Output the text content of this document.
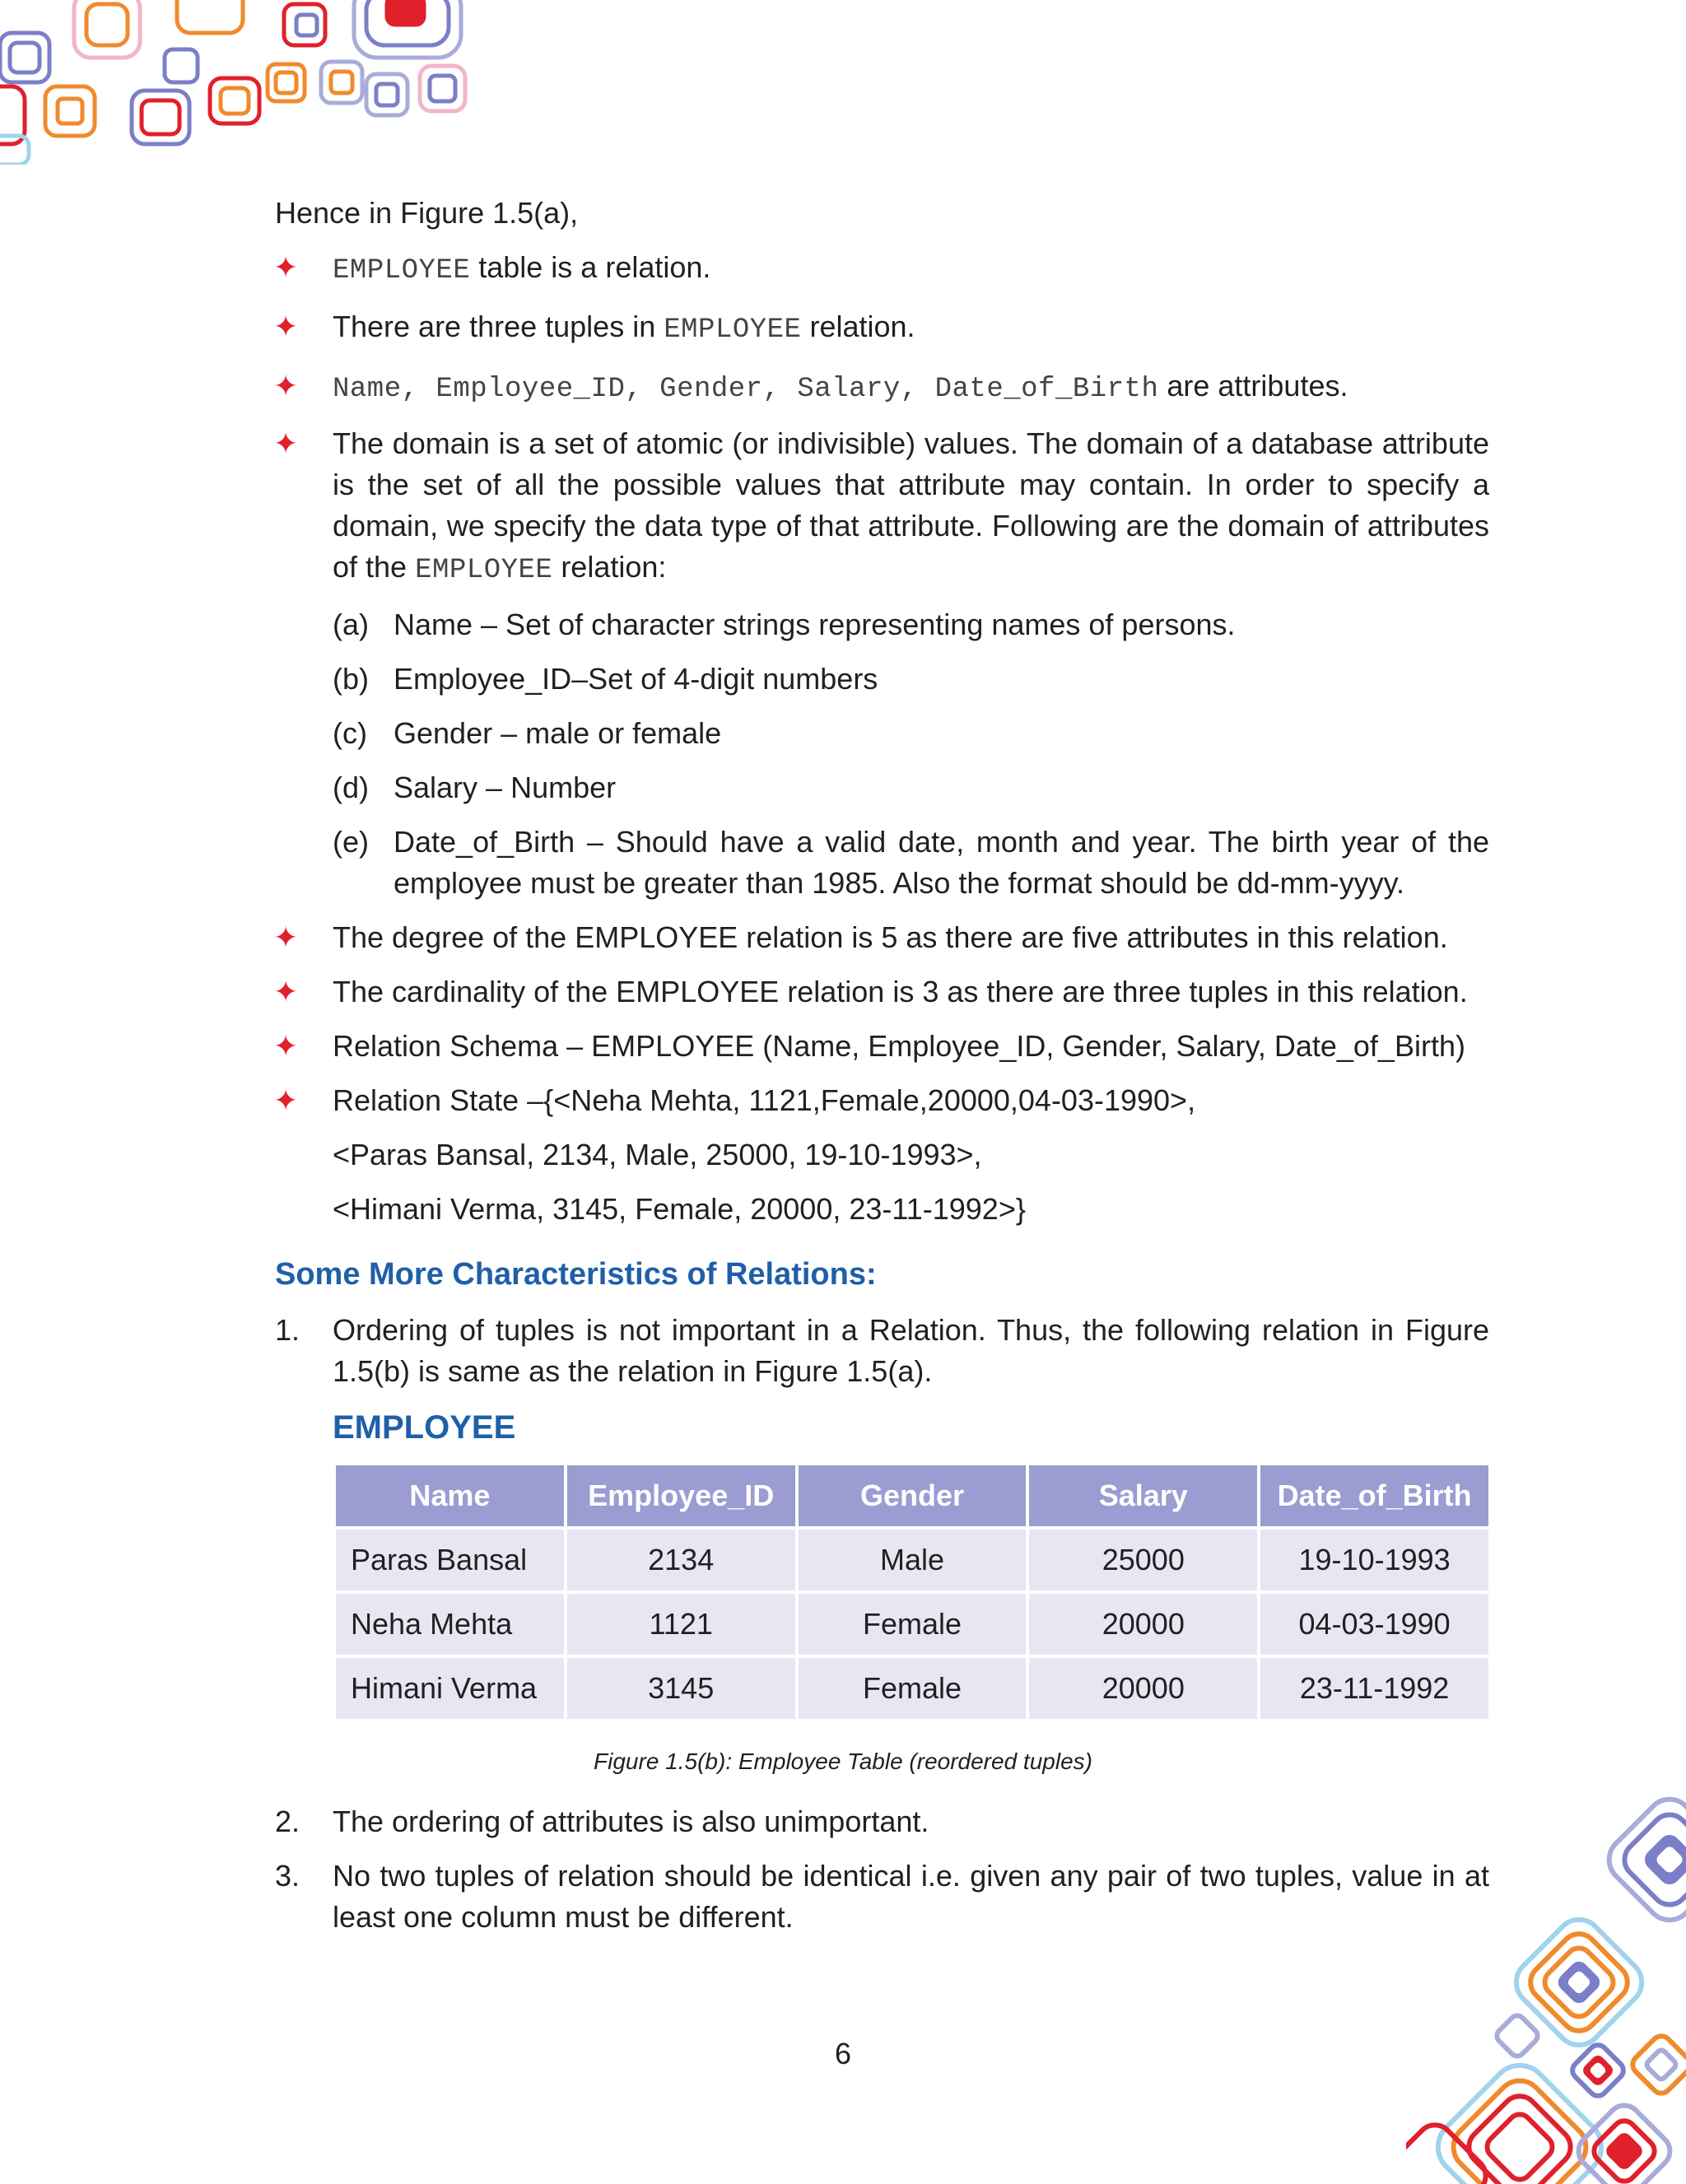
Hence in Figure 1.5(a),
✦ EMPLOYEE table is a relation.
✦ There are three tuples in EMPLOYEE relation.
✦ Name, Employee_ID, Gender, Salary, Date_of_Birth are attributes.
✦ The domain is a set of atomic (or indivisible) values. The domain of a database attribute is the set of all the possible values that attribute may contain. In order to specify a domain, we specify the data type of that attribute. Following are the domain of attributes of the EMPLOYEE relation:
(a) Name – Set of character strings representing names of persons.
(b) Employee_ID–Set of 4-digit numbers
(c) Gender – male or female
(d) Salary – Number
(e) Date_of_Birth – Should have a valid date, month and year. The birth year of the employee must be greater than 1985. Also the format should be dd-mm-yyyy.
✦ The degree of the EMPLOYEE relation is 5 as there are five attributes in this relation.
✦ The cardinality of the EMPLOYEE relation is 3 as there are three tuples in this relation.
✦ Relation Schema – EMPLOYEE (Name, Employee_ID, Gender, Salary, Date_of_Birth)
✦ Relation State –{<Neha Mehta, 1121,Female,20000,04-03-1990>,
<Paras Bansal, 2134, Male, 25000, 19-10-1993>,
<Himani Verma, 3145, Female, 20000, 23-11-1992>}
Some More Characteristics of Relations:
1. Ordering of tuples is not important in a Relation. Thus, the following relation in Figure 1.5(b) is same as the relation in Figure 1.5(a).
EMPLOYEE
Name	Employee_ID	Gender	Salary	Date_of_Birth
Paras Bansal	2134	Male	25000	19-10-1993
Neha Mehta	1121	Female	20000	04-03-1990
Himani Verma	3145	Female	20000	23-11-1992
Figure 1.5(b): Employee Table (reordered tuples)
2. The ordering of attributes is also unimportant.
3. No two tuples of relation should be identical i.e. given any pair of two tuples, value in at least one column must be different.
6
